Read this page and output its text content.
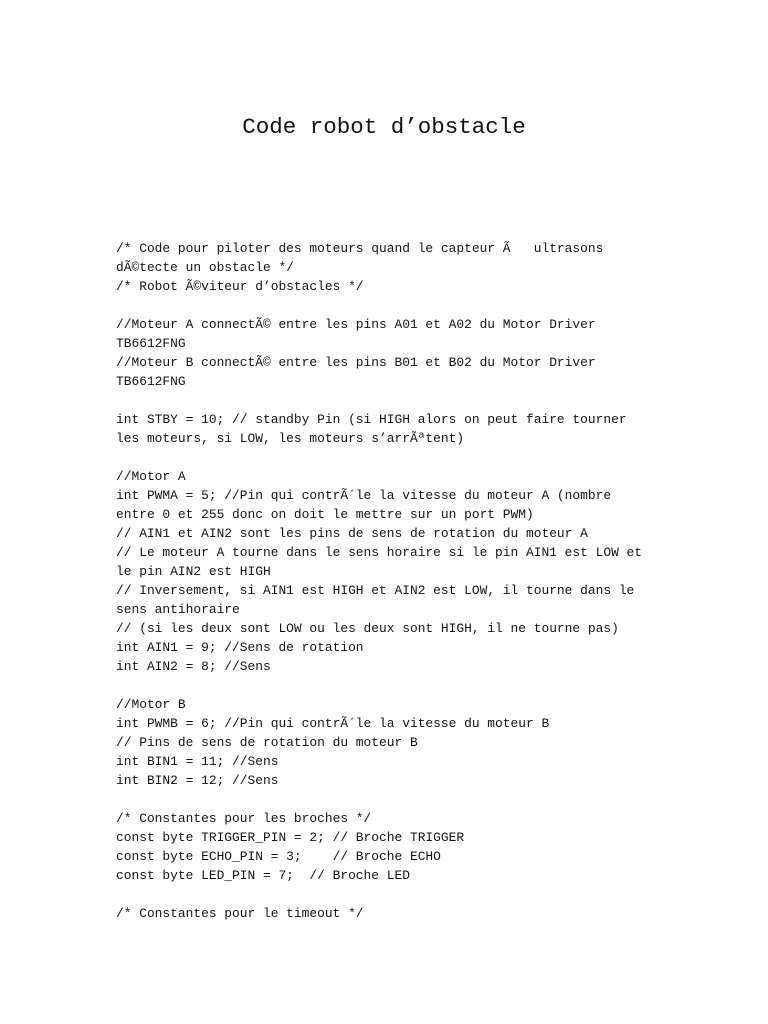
Code robot d’obstacle
/* Code pour piloter des moteurs quand le capteur Ã   ultrasons
dÃ©tecte un obstacle */
/* Robot Ã©viteur d’obstacles */
//Moteur A connectÃ© entre les pins A01 et A02 du Motor Driver
TB6612FNG
//Moteur B connectÃ© entre les pins B01 et B02 du Motor Driver
TB6612FNG
int STBY = 10; // standby Pin (si HIGH alors on peut faire tourner
les moteurs, si LOW, les moteurs s’arrÃªtent)
//Motor A
int PWMA = 5; //Pin qui contrÃ´le la vitesse du moteur A (nombre
entre 0 et 255 donc on doit le mettre sur un port PWM)
// AIN1 et AIN2 sont les pins de sens de rotation du moteur A
// Le moteur A tourne dans le sens horaire si le pin AIN1 est LOW et
le pin AIN2 est HIGH
// Inversement, si AIN1 est HIGH et AIN2 est LOW, il tourne dans le
sens antihoraire
// (si les deux sont LOW ou les deux sont HIGH, il ne tourne pas)
int AIN1 = 9; //Sens de rotation
int AIN2 = 8; //Sens
//Motor B
int PWMB = 6; //Pin qui contrÃ´le la vitesse du moteur B
// Pins de sens de rotation du moteur B
int BIN1 = 11; //Sens
int BIN2 = 12; //Sens
/* Constantes pour les broches */
const byte TRIGGER_PIN = 2; // Broche TRIGGER
const byte ECHO_PIN = 3;    // Broche ECHO
const byte LED_PIN = 7;  // Broche LED
/* Constantes pour le timeout */
